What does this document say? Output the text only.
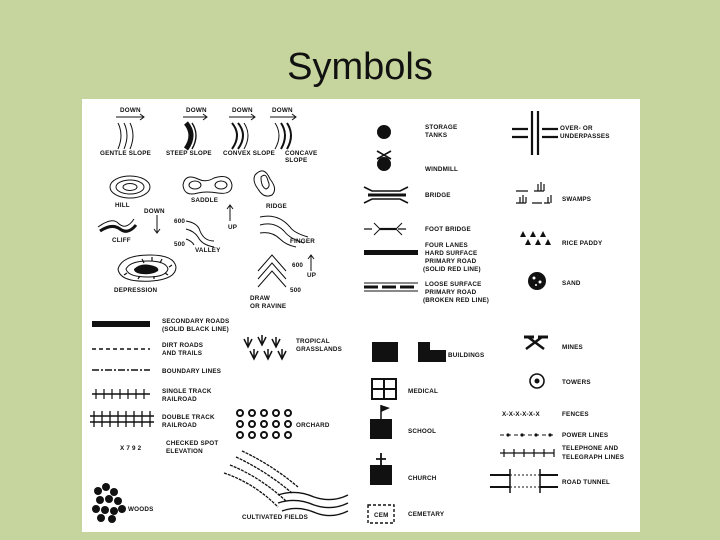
Symbols
DOWN
GENTLE SLOPE
DOWN
STEEP SLOPE
DOWN
CONVEX SLOPE
DOWN
CONCAVE
SLOPE
HILL
SADDLE
RIDGE
CLIFF
DOWN
600
500
VALLEY
UP
FINGER
DEPRESSION
600
500
UP
DRAW
OR RAVINE
SECONDARY ROADS
(SOLID BLACK LINE)
DIRT ROADS
AND TRAILS
BOUNDARY LINES
SINGLE TRACK
RAILROAD
DOUBLE TRACK
RAILROAD
X 7 9 2
CHECKED SPOT
ELEVATION
WOODS
TROPICAL
GRASSLANDS
ORCHARD
CULTIVATED FIELDS
STORAGE
TANKS
WINDMILL
BRIDGE
FOOT BRIDGE
FOUR LANES
HARD SURFACE
PRIMARY ROAD
(SOLID RED LINE)
LOOSE SURFACE
PRIMARY ROAD
(BROKEN RED LINE)
BUILDINGS
MEDICAL
SCHOOL
CHURCH
CEM	CEMETARY
OVER- OR
UNDERPASSES
SWAMPS
RICE PADDY
SAND
MINES
TOWERS
X-X-X-X-X-X	FENCES
POWER LINES
TELEPHONE AND
TELEGRAPH LINES
ROAD TUNNEL
